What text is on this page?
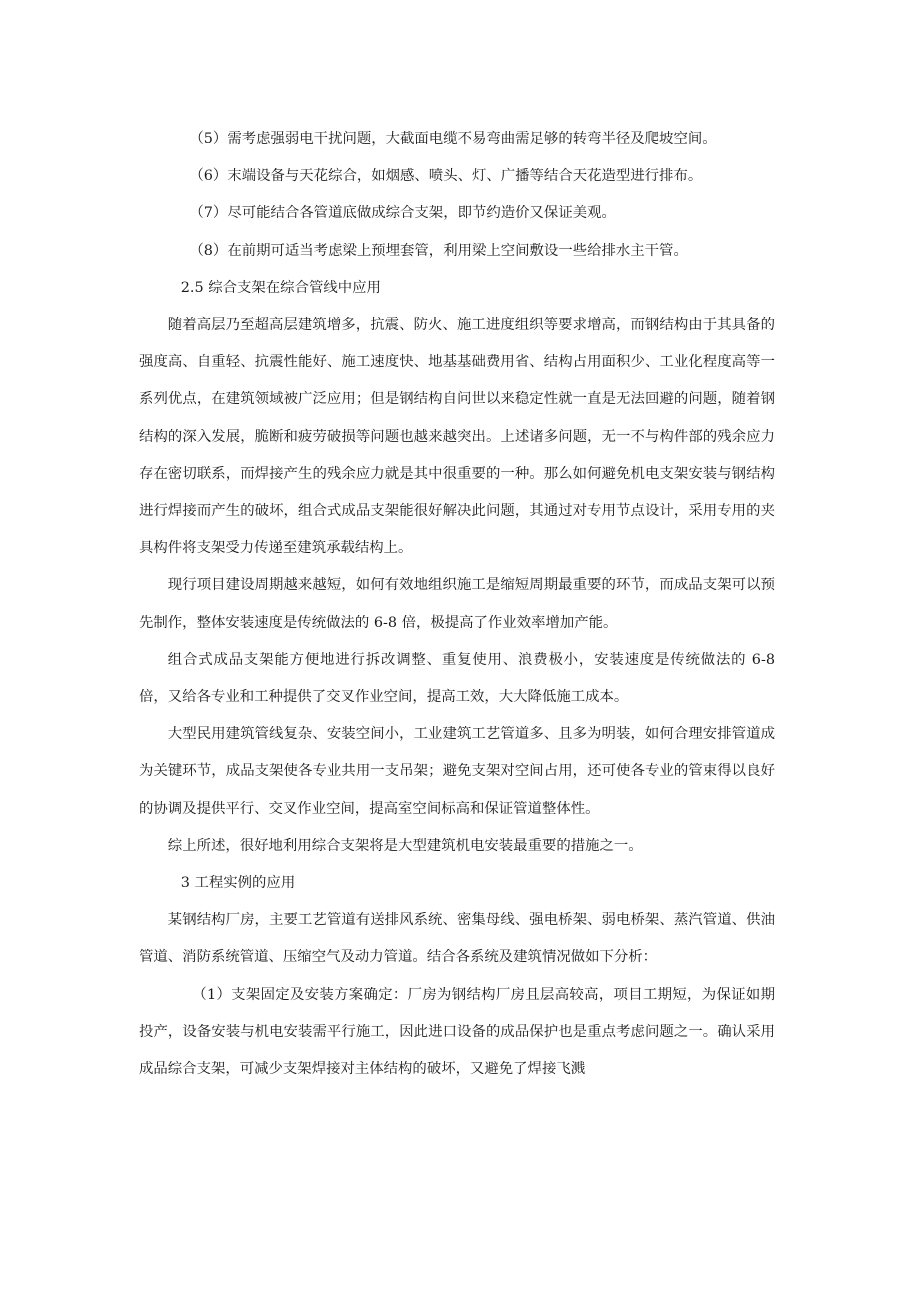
（5）需考虑强弱电干扰问题，大截面电缆不易弯曲需足够的转弯半径及爬坡空间。

（6）末端设备与天花综合，如烟感、喷头、灯、广播等结合天花造型进行排布。

（7）尽可能结合各管道底做成综合支架，即节约造价又保证美观。

（8）在前期可适当考虑梁上预埋套管，利用梁上空间敷设一些给排水主干管。

2.5 综合支架在综合管线中应用

随着高层乃至超高层建筑增多，抗震、防火、施工进度组织等要求增高，而钢结构由于其具备的强度高、自重轻、抗震性能好、施工速度快、地基基础费用省、结构占用面积少、工业化程度高等一系列优点，在建筑领域被广泛应用；但是钢结构自问世以来稳定性就一直是无法回避的问题，随着钢结构的深入发展，脆断和疲劳破损等问题也越来越突出。上述诸多问题，无一不与构件部的残余应力存在密切联系，而焊接产生的残余应力就是其中很重要的一种。那么如何避免机电支架安装与钢结构进行焊接而产生的破坏，组合式成品支架能很好解决此问题，其通过对专用节点设计，采用专用的夹具构件将支架受力传递至建筑承载结构上。

现行项目建设周期越来越短，如何有效地组织施工是缩短周期最重要的环节，而成品支架可以预先制作，整体安装速度是传统做法的 6-8 倍，极提高了作业效率增加产能。

组合式成品支架能方便地进行拆改调整、重复使用、浪费极小，安装速度是传统做法的 6-8 倍，又给各专业和工种提供了交叉作业空间，提高工效，大大降低施工成本。

大型民用建筑管线复杂、安装空间小，工业建筑工艺管道多、且多为明装，如何合理安排管道成为关键环节，成品支架使各专业共用一支吊架；避免支架对空间占用，还可使各专业的管束得以良好的协调及提供平行、交叉作业空间，提高室空间标高和保证管道整体性。

综上所述，很好地利用综合支架将是大型建筑机电安装最重要的措施之一。

3 工程实例的应用

某钢结构厂房，主要工艺管道有送排风系统、密集母线、强电桥架、弱电桥架、蒸汽管道、供油管道、消防系统管道、压缩空气及动力管道。结合各系统及建筑情况做如下分析：

（1）支架固定及安装方案确定：厂房为钢结构厂房且层高较高，项目工期短，为保证如期投产，设备安装与机电安装需平行施工，因此进口设备的成品保护也是重点考虑问题之一。确认采用成品综合支架，可减少支架焊接对主体结构的破坏，又避免了焊接飞溅
